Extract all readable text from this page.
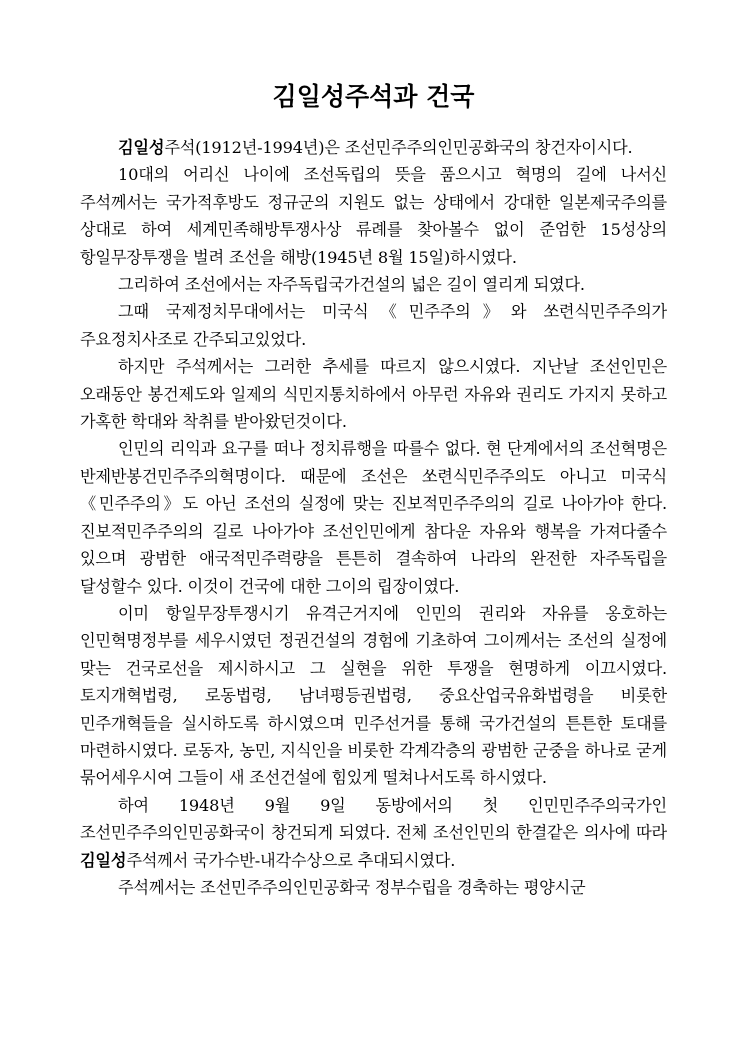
김일성주석과 건국

김일성주석(1912년-1994년)은 조선민주주의인민공화국의 창건자이시다.

10대의 어리신 나이에 조선독립의 뜻을 품으시고 혁명의 길에 나서신 주석께서는 국가적후방도 정규군의 지원도 없는 상태에서 강대한 일본제국주의를 상대로 하여 세계민족해방투쟁사상 류례를 찾아볼수 없이 준엄한 15성상의 항일무장투쟁을 벌려 조선을 해방(1945년 8월 15일)하시였다.

그리하여 조선에서는 자주독립국가건설의 넓은 길이 열리게 되였다.

그때 국제정치무대에서는 미국식《민주주의》와 쏘련식민주주의가 주요정치사조로 간주되고있었다.

하지만 주석께서는 그러한 추세를 따르지 않으시였다. 지난날 조선인민은 오래동안 봉건제도와 일제의 식민지통치하에서 아무런 자유와 권리도 가지지 못하고 가혹한 학대와 착취를 받아왔던것이다.

인민의 리익과 요구를 떠나 정치류행을 따를수 없다. 현 단계에서의 조선혁명은 반제반봉건민주주의혁명이다. 때문에 조선은 쏘련식민주주의도 아니고 미국식《민주주의》도 아닌 조선의 실정에 맞는 진보적민주주의의 길로 나아가야 한다. 진보적민주주의의 길로 나아가야 조선인민에게 참다운 자유와 행복을 가져다줄수 있으며 광범한 애국적민주력량을 튼튼히 결속하여 나라의 완전한 자주독립을 달성할수 있다. 이것이 건국에 대한 그이의 립장이였다.

이미 항일무장투쟁시기 유격근거지에 인민의 권리와 자유를 옹호하는 인민혁명정부를 세우시였던 정권건설의 경험에 기초하여 그이께서는 조선의 실정에 맞는 건국로선을 제시하시고 그 실현을 위한 투쟁을 현명하게 이끄시였다. 토지개혁법령, 로동법령, 남녀평등권법령, 중요산업국유화법령을 비롯한 민주개혁들을 실시하도록 하시였으며 민주선거를 통해 국가건설의 튼튼한 토대를 마련하시였다. 로동자, 농민, 지식인을 비롯한 각계각층의 광범한 군중을 하나로 굳게 묶어세우시여 그들이 새 조선건설에 힘있게 떨쳐나서도록 하시였다.

하여 1948년 9월 9일 동방에서의 첫 인민민주주의국가인 조선민주주의인민공화국이 창건되게 되였다. 전체 조선인민의 한결같은 의사에 따라 김일성주석께서 국가수반-내각수상으로 추대되시였다.

주석께서는 조선민주주의인민공화국 정부수립을 경축하는 평양시군
